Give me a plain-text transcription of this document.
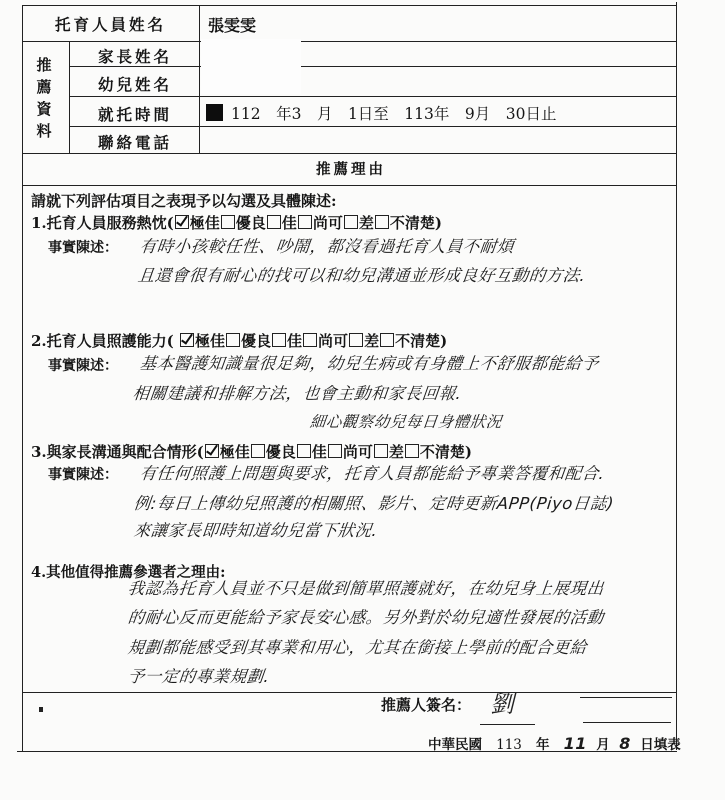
托育人員姓名	張雯雯
推
薦
資
料
家長姓名
幼兒姓名
就托時間	112　年3　月　1日至　113年　9月　30日止
聯絡電話
推薦理由
請就下列評估項目之表現予以勾選及具體陳述:
1.托育人員服務熱忱( 極佳 優良 佳 尚可 差 不清楚)
事實陳述： 有時小孩較任性、吵鬧，都沒看過托育人員不耐煩
且還會很有耐心的找可以和幼兒溝通並形成良好互動的方法.
2.托育人員照護能力( 極佳 優良 佳 尚可 差 不清楚)
事實陳述： 基本醫護知識量很足夠，幼兒生病或有身體上不舒服都能給予
相關建議和排解方法，也會主動和家長回報.
細心觀察幼兒每日身體狀況
3.與家長溝通與配合情形( 極佳 優良 佳 尚可 差 不清楚)
事實陳述： 有任何照護上問題與要求，托育人員都能給予專業答覆和配合.
例:每日上傳幼兒照護的相關照、影片、定時更新APP(Piyo日誌)
來讓家長即時知道幼兒當下狀況.
4.其他值得推薦參選者之理由:
我認為托育人員並不只是做到簡單照護就好，在幼兒身上展現出
的耐心反而更能給予家長安心感。另外對於幼兒適性發展的活動
規劃都能感受到其專業和用心，尤其在銜接上學前的配合更給
予一定的專業規劃.
推薦人簽名： 劉
中華民國 113 年 11 月 8 日填表
